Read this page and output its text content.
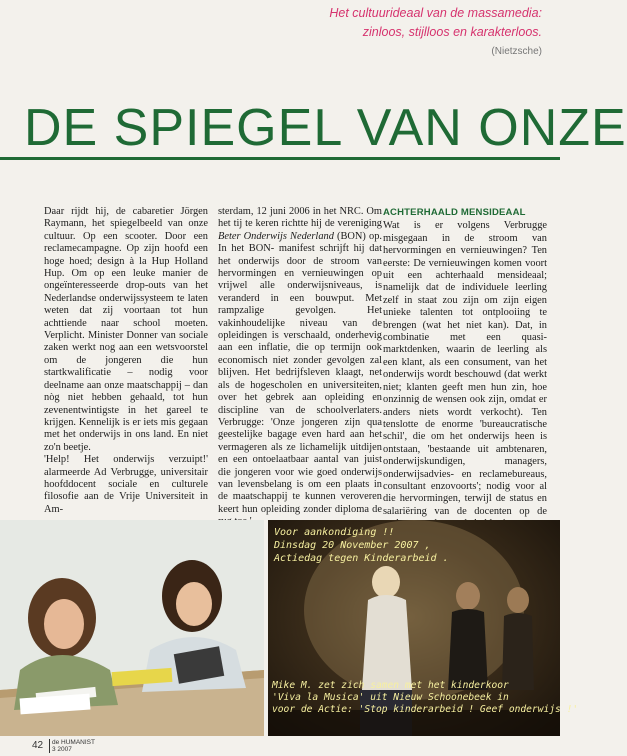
Het cultuurideaal van de massamedia:

zinloos, stijlloos en karakterloos.

(Nietzsche)
DE SPIEGEL VAN ONZE

Daar rijdt hij, de cabaretier Jörgen Raymann, het spiegelbeeld van onze cultuur. Op een scooter. Door een reclamecampagne. Op zijn hoofd een hoge hoed; design à la Hup Holland Hup. Om op een leuke manier de ongeïnteresseerde drop-outs van het Nederlandse onderwijssysteem te laten weten dat zij voortaan tot hun achttiende naar school moeten. Verplicht. Minister Donner van sociale zaken werkt nog aan een wetsvoorstel om de jongeren die hun startkwalificatie – nodig voor deelname aan onze maatschappij – dan nòg niet hebben gehaald, tot hun zevenentwintigste in het gareel te krijgen. Kennelijk is er iets mis gegaan met het onderwijs in ons land. En niet zo'n beetje.
'Help! Het onderwijs verzuipt!' alarmeerde Ad Verbrugge, universitair hoofddocent sociale en culturele filosofie aan de Vrije Universiteit in Am-

sterdam, 12 juni 2006 in het NRC. Om het tij te keren richtte hij de vereniging Beter Onderwijs Nederland (BON) op. In het BON- manifest schrijft hij dat het onderwijs door de stroom van hervormingen en vernieuwingen op vrijwel alle onderwijsniveaus, is veranderd in een bouwput. Met rampzalige gevolgen. Het vakinhoudelijke niveau van de opleidingen is verschaald, onderhevig aan een inflatie, die op termijn ook economisch niet zonder gevolgen zal blijven. Het bedrijfsleven klaagt, net als de hogescholen en universiteiten, over het gebrek aan opleiding en discipline van de schoolverlaters. Verbrugge: 'Onze jongeren zijn qua geestelijke bagage even hard aan het vermageren als ze lichamelijk uitdijen en een ontoelaatbaar aantal van juist die jongeren voor wie goed onderwijs van levensbelang is om een plaats in de maatschappij te kunnen veroveren keert hun opleiding zonder diploma de

ACHTERHAALD MENSIDEAAL
Wat is er volgens Verbrugge misgegaan in de stroom van hervormingen en vernieuwingen? Ten eerste: De vernieuwingen komen voort uit een achterhaald mensideaal; namelijk dat de individuele leerling zelf in staat zou zijn om zijn eigen unieke talenten tot ontplooiing te brengen (wat het niet kan). Dat, in combinatie met een quasi-marktdenken, waarin de leerling als een klant, als een consument, van het onderwijs wordt beschouwd (dat werkt niet; klanten geeft men hun zin, hoe onzinnig de wensen ook zijn, omdat er anders niets wordt verkocht). Ten tenslotte de enorme 'bureaucratische schil', die om het onderwijs heen is ontstaan, 'bestaande uit ambtenaren, onderwijskundigen, managers, onderwijsadvies- en reclamebureaus, consultant enzovoorts'; nodig voor al die hervormingen, terwijl de status en salariëring van de docenten op de

Voor aankondiging !!
Dinsdag 20 November 2007 ,
Actiedag tegen Kinderarbeid .

Mike M. zet zich samen met het kinderkoor
'Viva la Musica' uit Nieuw Schoonebeek in
voor de Actie: 'Stop kinderarbeid ! Geef onderwijs !'

42	de HUMANIST
3 2007
